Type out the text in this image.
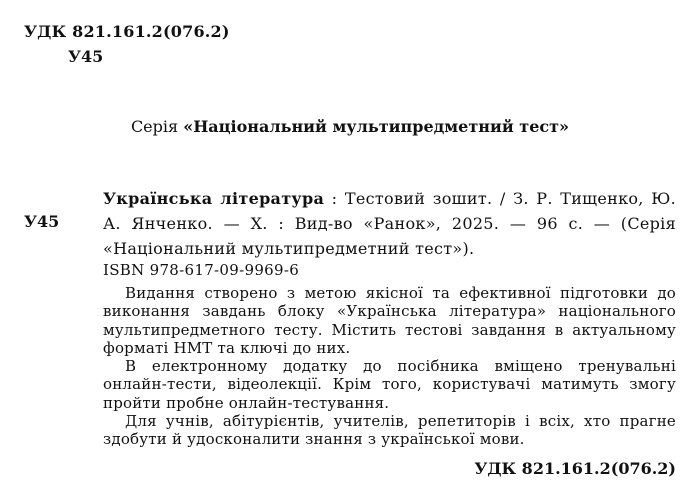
УДК 821.161.2(076.2)
У45
Серія «Національний мультипредметний тест»
У45
Українська література : Тестовий зошит. / З. Р. Тищенко, Ю. А. Янченко. — Х. : Вид-во «Ранок», 2025. — 96 с. — (Серія «Національний мультипредметний тест»).
ISBN 978-617-09-9969-6

Видання створено з метою якісної та ефективної підготовки до виконання завдань блоку «Українська література» національного мультипредметного тесту. Містить тестові завдання в актуальному форматі НМТ та ключі до них.

В електронному додатку до посібника вміщено тренувальні онлайн-тести, відеолекції. Крім того, користувачі матимуть змогу пройти пробне онлайн-тестування.

Для учнів, абітурієнтів, учителів, репетиторів і всіх, хто прагне здобути й удосконалити знання з української мови.

УДК 821.161.2(076.2)
